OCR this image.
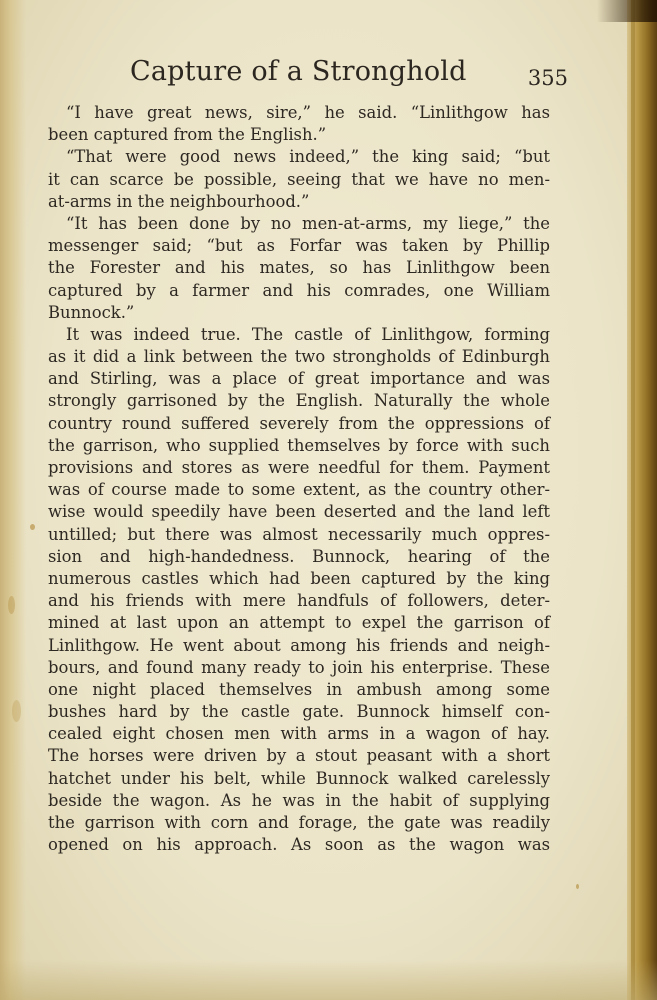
Capture of a Stronghold	355
“I have great news, sire,” he said. “Linlithgow has
been captured from the English.”
“That were good news indeed,” the king said; “but
it can scarce be possible, seeing that we have no men-
at-arms in the neighbourhood.”
“It has been done by no men-at-arms, my liege,” the
messenger said; “but as Forfar was taken by Phillip
the Forester and his mates, so has Linlithgow been
captured by a farmer and his comrades, one William
Bunnock.”
It was indeed true. The castle of Linlithgow, forming
as it did a link between the two strongholds of Edinburgh
and Stirling, was a place of great importance and was
strongly garrisoned by the English. Naturally the whole
country round suffered severely from the oppressions of
the garrison, who supplied themselves by force with such
provisions and stores as were needful for them. Payment
was of course made to some extent, as the country other-
wise would speedily have been deserted and the land left
untilled; but there was almost necessarily much oppres-
sion and high-handedness. Bunnock, hearing of the
numerous castles which had been captured by the king
and his friends with mere handfuls of followers, deter-
mined at last upon an attempt to expel the garrison of
Linlithgow. He went about among his friends and neigh-
bours, and found many ready to join his enterprise. These
one night placed themselves in ambush among some
bushes hard by the castle gate. Bunnock himself con-
cealed eight chosen men with arms in a wagon of hay.
The horses were driven by a stout peasant with a short
hatchet under his belt, while Bunnock walked carelessly
beside the wagon. As he was in the habit of supplying
the garrison with corn and forage, the gate was readily
opened on his approach. As soon as the wagon was
